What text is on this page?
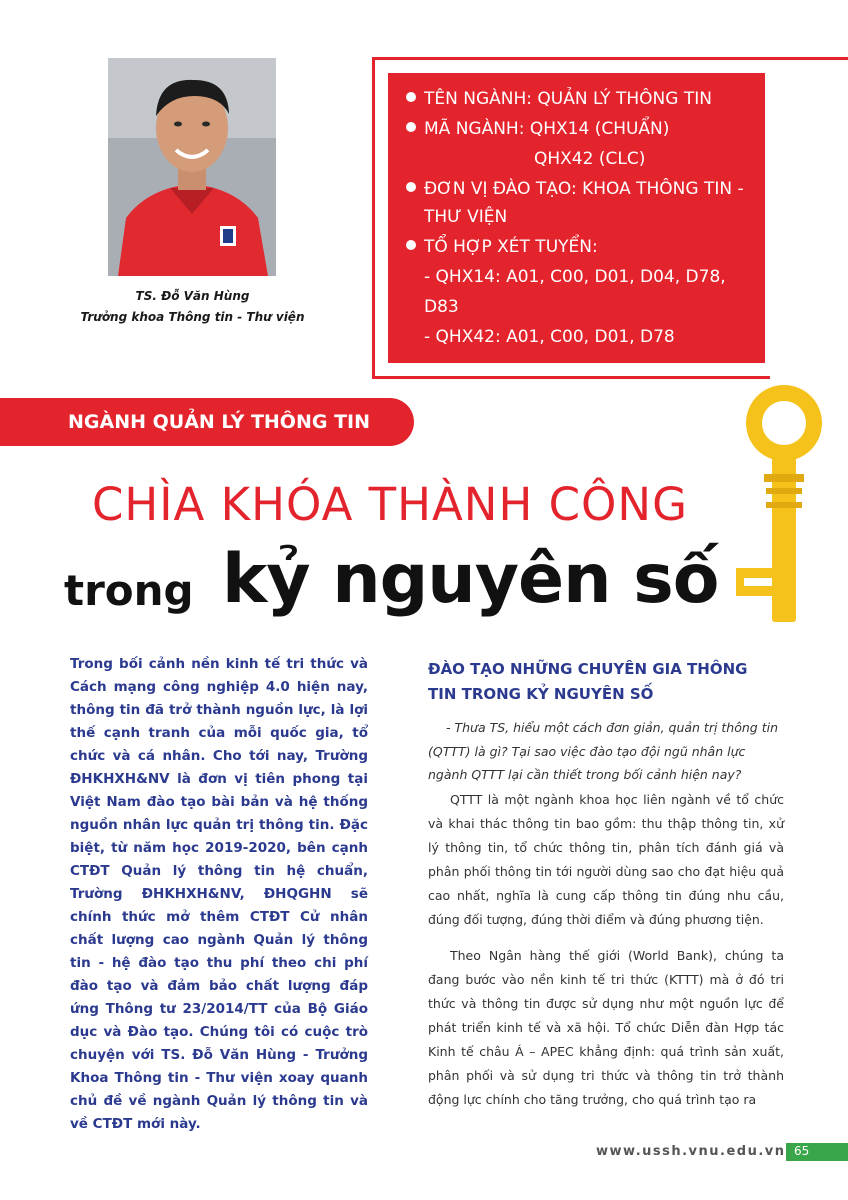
TS. Đỗ Văn Hùng
Trưởng khoa Thông tin - Thư viện
TÊN NGÀNH: QUẢN LÝ THÔNG TIN
MÃ NGÀNH: QHX14 (CHUẨN)
QHX42 (CLC)
ĐƠN VỊ ĐÀO TẠO: KHOA THÔNG TIN -
THƯ VIỆN
TỔ HỢP XÉT TUYỂN:
- QHX14: A01, C00, D01, D04, D78,
D83
- QHX42: A01, C00, D01, D78
NGÀNH QUẢN LÝ THÔNG TIN
CHÌA KHÓA THÀNH CÔNG
trong kỷ nguyên số
Trong bối cảnh nền kinh tế tri thức và Cách mạng công nghiệp 4.0 hiện nay, thông tin đã trở thành nguồn lực, là lợi thế cạnh tranh của mỗi quốc gia, tổ chức và cá nhân. Cho tới nay, Trường ĐHKHXH&NV là đơn vị tiên phong tại Việt Nam đào tạo bài bản và hệ thống nguồn nhân lực quản trị thông tin. Đặc biệt, từ năm học 2019-2020, bên cạnh CTĐT Quản lý thông tin hệ chuẩn, Trường ĐHKHXH&NV, ĐHQGHN sẽ chính thức mở thêm CTĐT Cử nhân chất lượng cao ngành Quản lý thông tin - hệ đào tạo thu phí theo chi phí đào tạo và đảm bảo chất lượng đáp ứng Thông tư 23/2014/TT của Bộ Giáo dục và Đào tạo. Chúng tôi có cuộc trò chuyện với TS. Đỗ Văn Hùng - Trưởng Khoa Thông tin - Thư viện xoay quanh chủ đề về ngành Quản lý thông tin và về CTĐT mới này.
ĐÀO TẠO NHỮNG CHUYÊN GIA THÔNG TIN TRONG KỶ NGUYÊN SỐ
- Thưa TS, hiểu một cách đơn giản, quản trị thông tin (QTTT) là gì? Tại sao việc đào tạo đội ngũ nhân lực ngành QTTT lại cần thiết trong bối cảnh hiện nay?
QTTT là một ngành khoa học liên ngành về tổ chức và khai thác thông tin bao gồm: thu thập thông tin, xử lý thông tin, tổ chức thông tin, phân tích đánh giá và phân phối thông tin tới người dùng sao cho đạt hiệu quả cao nhất, nghĩa là cung cấp thông tin đúng nhu cầu, đúng đối tượng, đúng thời điểm và đúng phương tiện.
Theo Ngân hàng thế giới (World Bank), chúng ta đang bước vào nền kinh tế tri thức (KTTT) mà ở đó tri thức và thông tin được sử dụng như một nguồn lực để phát triển kinh tế và xã hội. Tổ chức Diễn đàn Hợp tác Kinh tế châu Á – APEC khẳng định: quá trình sản xuất, phân phối và sử dụng tri thức và thông tin trở thành động lực chính cho tăng trưởng, cho quá trình tạo ra
www.ussh.vnu.edu.vn 65
